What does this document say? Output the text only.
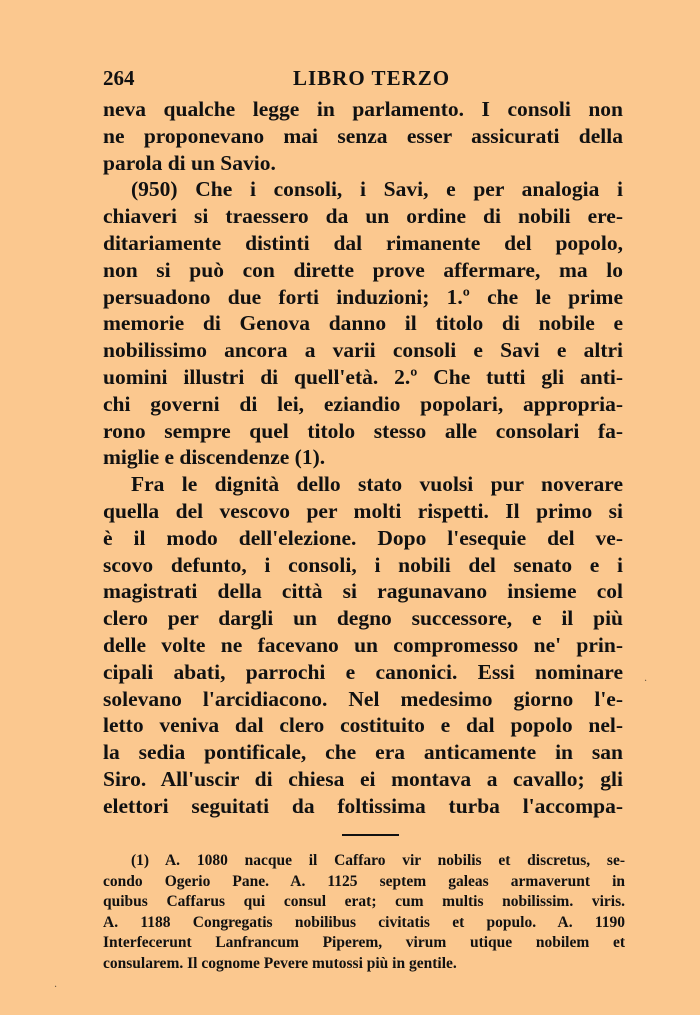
264	LIBRO TERZO
neva qualche legge in parlamento. I consoli non
ne proponevano mai senza esser assicurati della
parola di un Savio.
(950) Che i consoli, i Savi, e per analogia i
chiaveri si traessero da un ordine di nobili ere-
ditariamente distinti dal rimanente del popolo,
non si può con dirette prove affermare, ma lo
persuadono due forti induzioni; 1.º che le prime
memorie di Genova danno il titolo di nobile e
nobilissimo ancora a varii consoli e Savi e altri
uomini illustri di quell'età. 2.º Che tutti gli anti-
chi governi di lei, eziandio popolari, appropria-
rono sempre quel titolo stesso alle consolari fa-
miglie e discendenze (1).
Fra le dignità dello stato vuolsi pur noverare
quella del vescovo per molti rispetti. Il primo si
è il modo dell'elezione. Dopo l'esequie del ve-
scovo defunto, i consoli, i nobili del senato e i
magistrati della città si ragunavano insieme col
clero per dargli un degno successore, e il più
delle volte ne facevano un compromesso ne' prin-
cipali abati, parrochi e canonici. Essi nominare
solevano l'arcidiacono. Nel medesimo giorno l'e-
letto veniva dal clero costituito e dal popolo nel-
la sedia pontificale, che era anticamente in san
Siro. All'uscir di chiesa ei montava a cavallo; gli
elettori seguitati da foltissima turba l'accompa-
(1) A. 1080 nacque il Caffaro vir nobilis et discretus, se-
condo Ogerio Pane. A. 1125 septem galeas armaverunt in
quibus Caffarus qui consul erat; cum multis nobilissim. viris.
A. 1188 Congregatis nobilibus civitatis et populo. A. 1190
Interfecerunt Lanfrancum Piperem, virum utique nobilem et
consularem. Il cognome Pevere mutossi più in gentile.
·
·
